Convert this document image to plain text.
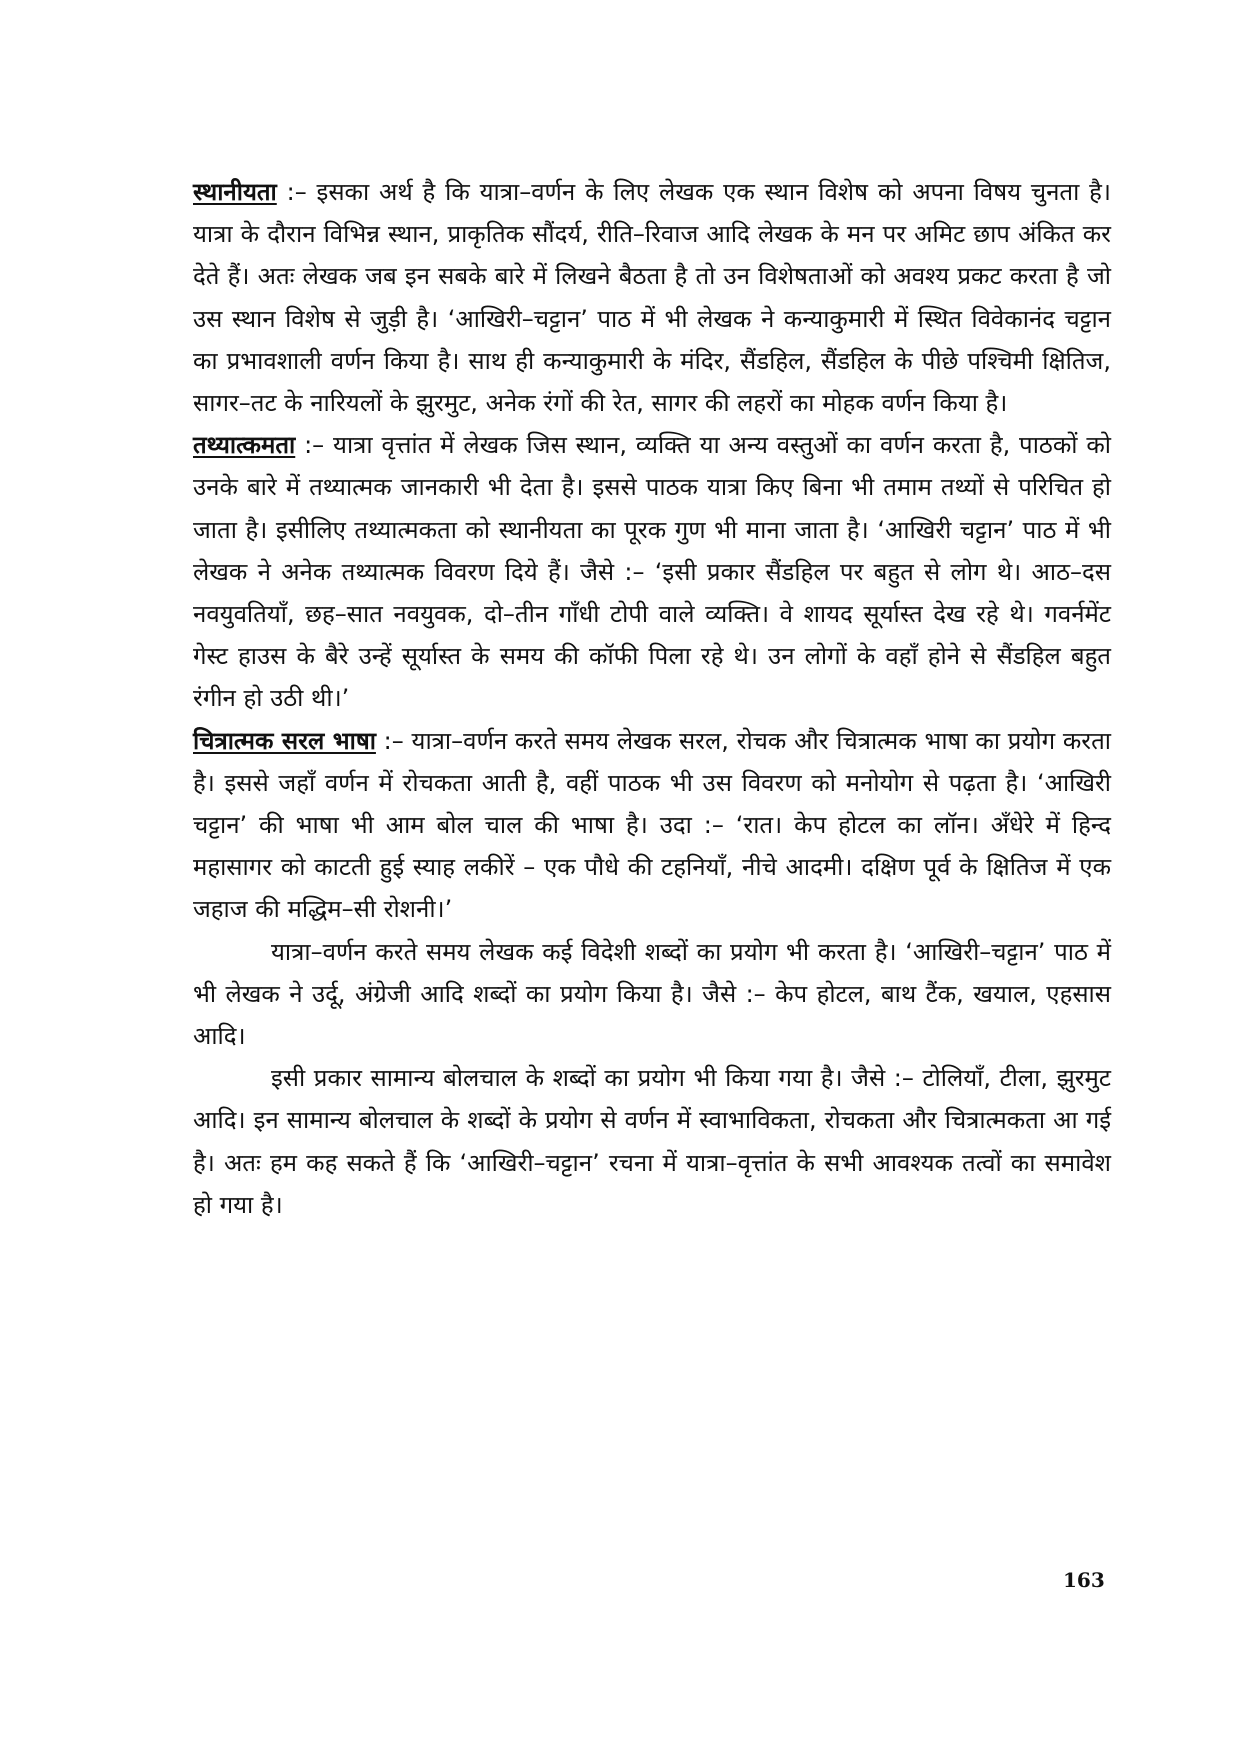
स्थानीयता :– इसका अर्थ है कि यात्रा–वर्णन के लिए लेखक एक स्थान विशेष को अपना विषय चुनता है। यात्रा के दौरान विभिन्न स्थान, प्राकृतिक सौंदर्य, रीति–रिवाज आदि लेखक के मन पर अमिट छाप अंकित कर देते हैं। अतः लेखक जब इन सबके बारे में लिखने बैठता है तो उन विशेषताओं को अवश्य प्रकट करता है जो उस स्थान विशेष से जुड़ी है। ‘आखिरी–चट्टान’ पाठ में भी लेखक ने कन्याकुमारी में स्थित विवेकानंद चट्टान का प्रभावशाली वर्णन किया है। साथ ही कन्याकुमारी के मंदिर, सैंडहिल, सैंडहिल के पीछे पश्चिमी क्षितिज, सागर–तट के नारियलों के झुरमुट, अनेक रंगों की रेत, सागर की लहरों का मोहक वर्णन किया है।

तथ्यात्कमता :– यात्रा वृत्तांत में लेखक जिस स्थान, व्यक्ति या अन्य वस्तुओं का वर्णन करता है, पाठकों को उनके बारे में तथ्यात्मक जानकारी भी देता है। इससे पाठक यात्रा किए बिना भी तमाम तथ्यों से परिचित हो जाता है। इसीलिए तथ्यात्मकता को स्थानीयता का पूरक गुण भी माना जाता है। ‘आखिरी चट्टान’ पाठ में भी लेखक ने अनेक तथ्यात्मक विवरण दिये हैं। जैसे :– ‘इसी प्रकार सैंडहिल पर बहुत से लोग थे। आठ–दस नवयुवतियाँ, छह–सात नवयुवक, दो–तीन गाँधी टोपी वाले व्यक्ति। वे शायद सूर्यास्त देख रहे थे। गवर्नमेंट गेस्ट हाउस के बैरे उन्हें सूर्यास्त के समय की कॉफी पिला रहे थे। उन लोगों के वहाँ होने से सैंडहिल बहुत रंगीन हो उठी थी।’

चित्रात्मक सरल भाषा :– यात्रा–वर्णन करते समय लेखक सरल, रोचक और चित्रात्मक भाषा का प्रयोग करता है। इससे जहाँ वर्णन में रोचकता आती है, वहीं पाठक भी उस विवरण को मनोयोग से पढ़ता है। ‘आखिरी चट्टान’ की भाषा भी आम बोल चाल की भाषा है। उदा :– ‘रात। केप होटल का लॉन। अँधेरे में हिन्द महासागर को काटती हुई स्याह लकीरें – एक पौधे की टहनियाँ, नीचे आदमी। दक्षिण पूर्व के क्षितिज में एक जहाज की मद्धिम–सी रोशनी।’

यात्रा–वर्णन करते समय लेखक कई विदेशी शब्दों का प्रयोग भी करता है। ‘आखिरी–चट्टान’ पाठ में भी लेखक ने उर्दू, अंग्रेजी आदि शब्दों का प्रयोग किया है। जैसे :– केप होटल, बाथ टैंक, खयाल, एहसास आदि।

इसी प्रकार सामान्य बोलचाल के शब्दों का प्रयोग भी किया गया है। जैसे :– टोलियाँ, टीला, झुरमुट आदि। इन सामान्य बोलचाल के शब्दों के प्रयोग से वर्णन में स्वाभाविकता, रोचकता और चित्रात्मकता आ गई है। अतः हम कह सकते हैं कि ‘आखिरी–चट्टान’ रचना में यात्रा–वृत्तांत के सभी आवश्यक तत्वों का समावेश हो गया है।

163
